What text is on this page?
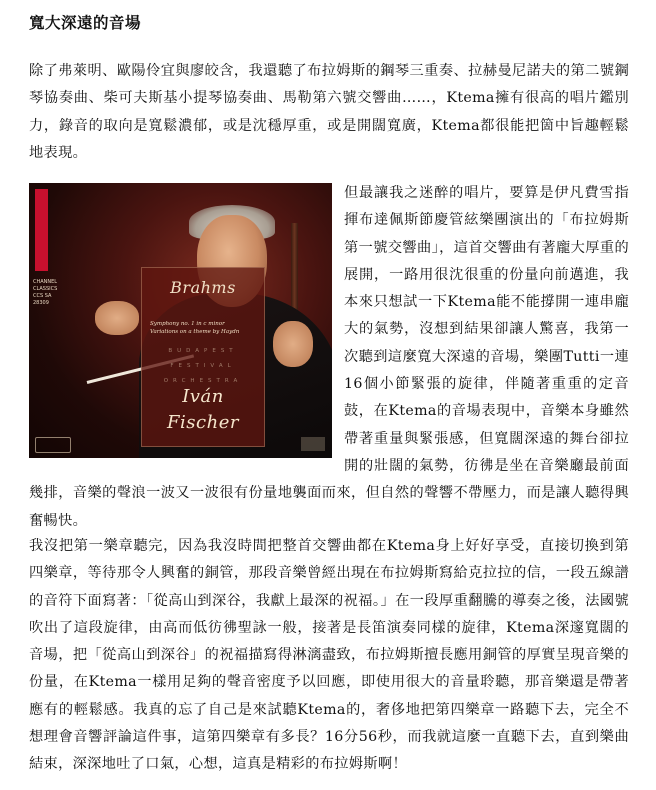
寬大深遠的音場

除了弗萊明、歐陽伶宜與廖皎含，我還聽了布拉姆斯的鋼琴三重奏、拉赫曼尼諾夫的第二號鋼琴協奏曲、柴可夫斯基小提琴協奏曲、馬勒第六號交響曲……，Ktema擁有很高的唱片鑑別力，錄音的取向是寬鬆濃郁，或是沈穩厚重，或是開闊寬廣，Ktema都很能把箇中旨趣輕鬆地表現。

CHANNEL CLASSICS CCS SA 28309
Brahms
Symphony no. 1 in c minor
Variations on a theme by Haydn
BUDAPEST FESTIVAL ORCHESTRA
Iván
Fischer

但最讓我之迷醉的唱片，要算是伊凡費雪指揮布達佩斯節慶管絃樂團演出的「布拉姆斯第一號交響曲」，這首交響曲有著龐大厚重的展開，一路用很沈很重的份量向前邁進，我本來只想試一下Ktema能不能撐開一連串龐大的氣勢，沒想到結果卻讓人驚喜，我第一次聽到這麼寬大深遠的音場，樂團Tutti一連16個小節緊張的旋律，伴隨著重重的定音鼓，在Ktema的音場表現中，音樂本身雖然帶著重量與緊張感，但寬闊深遠的舞台卻拉開的壯闊的氣勢，彷彿是坐在音樂廳最前面幾排，音樂的聲浪一波又一波很有份量地襲面而來，但自然的聲響不帶壓力，而是讓人聽得興奮暢快。

我沒把第一樂章聽完，因為我沒時間把整首交響曲都在Ktema身上好好享受，直接切換到第四樂章，等待那令人興奮的銅管，那段音樂曾經出現在布拉姆斯寫給克拉拉的信，一段五線譜的音符下面寫著：「從高山到深谷，我獻上最深的祝福。」在一段厚重翻騰的導奏之後，法國號吹出了這段旋律，由高而低彷彿聖詠一般，接著是長笛演奏同樣的旋律，Ktema深邃寬闊的音場，把「從高山到深谷」的祝福描寫得淋漓盡致，布拉姆斯擅長應用銅管的厚實呈現音樂的份量，在Ktema一樣用足夠的聲音密度予以回應，即使用很大的音量聆聽，那音樂還是帶著應有的輕鬆感。我真的忘了自己是來試聽Ktema的，奢侈地把第四樂章一路聽下去，完全不想理會音響評論這件事，這第四樂章有多長？16分56秒，而我就這麼一直聽下去，直到樂曲結束，深深地吐了口氣，心想，這真是精彩的布拉姆斯啊！
